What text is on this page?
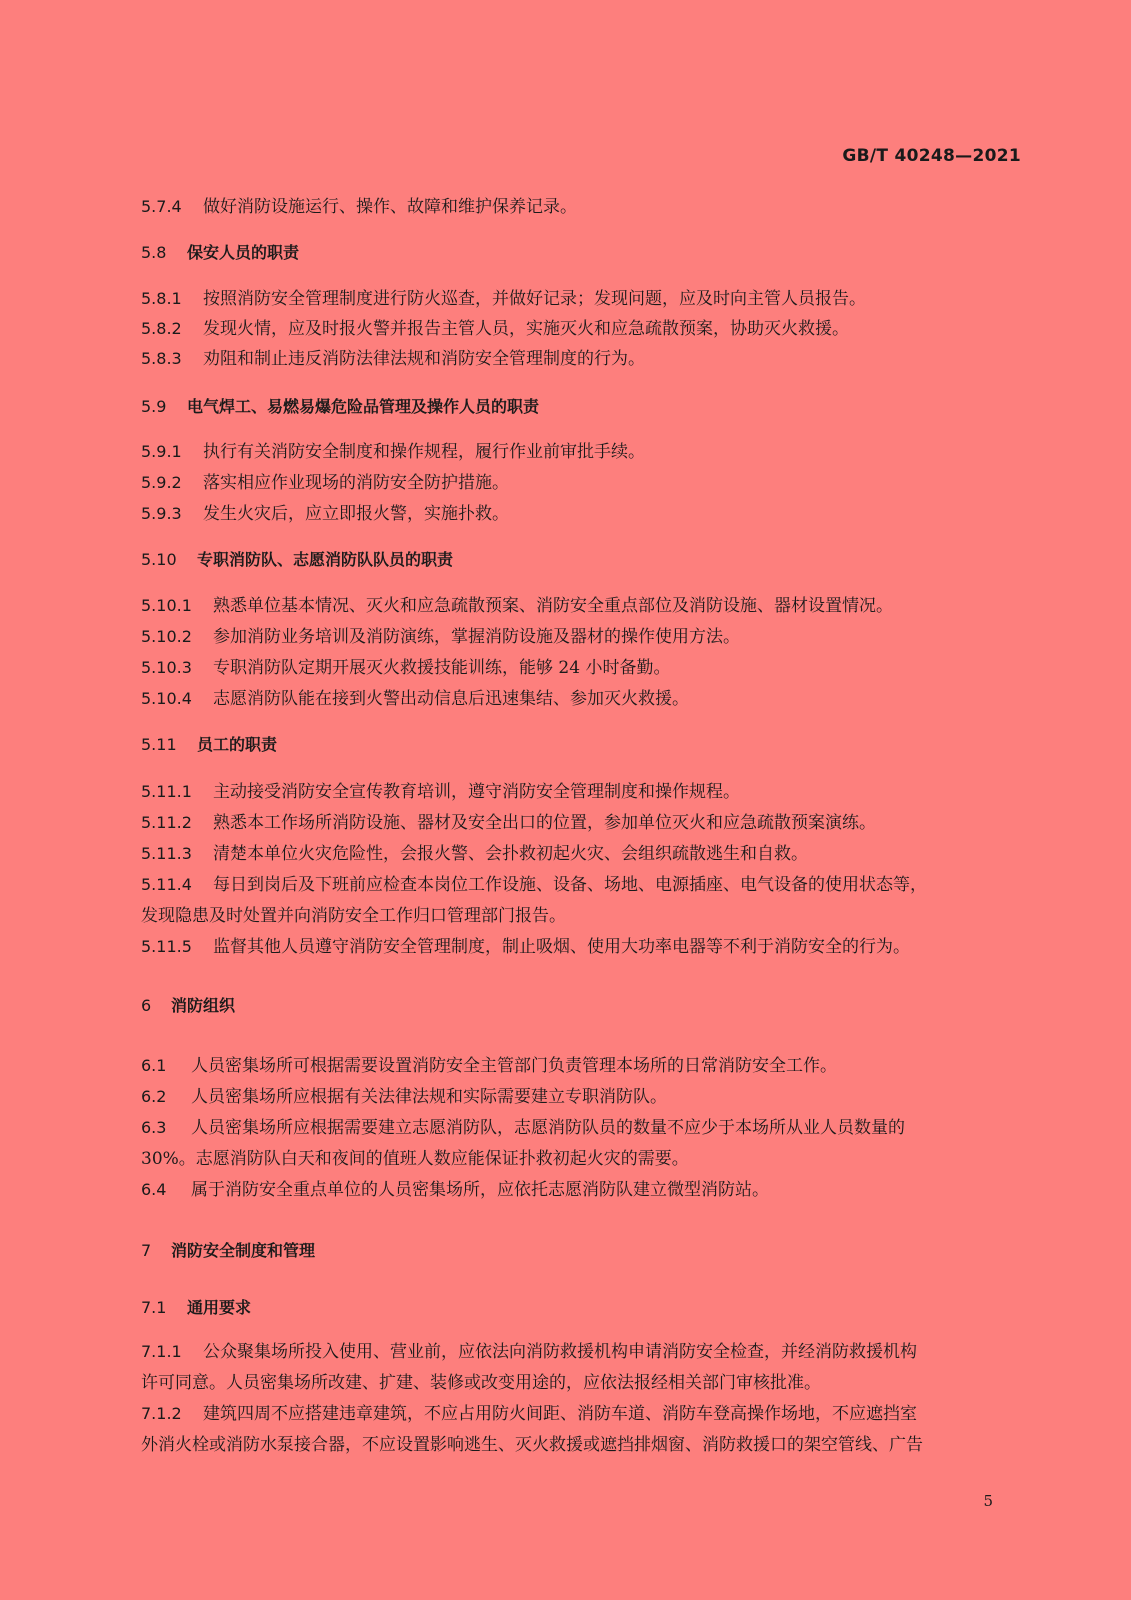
GB/T 40248—2021
5.7.4 做好消防设施运行、操作、故障和维护保养记录。
5.8 保安人员的职责
5.8.1 按照消防安全管理制度进行防火巡查，并做好记录；发现问题，应及时向主管人员报告。
5.8.2 发现火情，应及时报火警并报告主管人员，实施灭火和应急疏散预案，协助灭火救援。
5.8.3 劝阻和制止违反消防法律法规和消防安全管理制度的行为。
5.9 电气焊工、易燃易爆危险品管理及操作人员的职责
5.9.1 执行有关消防安全制度和操作规程，履行作业前审批手续。
5.9.2 落实相应作业现场的消防安全防护措施。
5.9.3 发生火灾后，应立即报火警，实施扑救。
5.10 专职消防队、志愿消防队队员的职责
5.10.1 熟悉单位基本情况、灭火和应急疏散预案、消防安全重点部位及消防设施、器材设置情况。
5.10.2 参加消防业务培训及消防演练，掌握消防设施及器材的操作使用方法。
5.10.3 专职消防队定期开展灭火救援技能训练，能够 24 小时备勤。
5.10.4 志愿消防队能在接到火警出动信息后迅速集结、参加灭火救援。
5.11 员工的职责
5.11.1 主动接受消防安全宣传教育培训，遵守消防安全管理制度和操作规程。
5.11.2 熟悉本工作场所消防设施、器材及安全出口的位置，参加单位灭火和应急疏散预案演练。
5.11.3 清楚本单位火灾危险性，会报火警、会扑救初起火灾、会组织疏散逃生和自救。
5.11.4 每日到岗后及下班前应检查本岗位工作设施、设备、场地、电源插座、电气设备的使用状态等，
发现隐患及时处置并向消防安全工作归口管理部门报告。
5.11.5 监督其他人员遵守消防安全管理制度，制止吸烟、使用大功率电器等不利于消防安全的行为。
6 消防组织
6.1 人员密集场所可根据需要设置消防安全主管部门负责管理本场所的日常消防安全工作。
6.2 人员密集场所应根据有关法律法规和实际需要建立专职消防队。
6.3 人员密集场所应根据需要建立志愿消防队，志愿消防队员的数量不应少于本场所从业人员数量的
30%。志愿消防队白天和夜间的值班人数应能保证扑救初起火灾的需要。
6.4 属于消防安全重点单位的人员密集场所，应依托志愿消防队建立微型消防站。
7 消防安全制度和管理
7.1 通用要求
7.1.1 公众聚集场所投入使用、营业前，应依法向消防救援机构申请消防安全检查，并经消防救援机构
许可同意。人员密集场所改建、扩建、装修或改变用途的，应依法报经相关部门审核批准。
7.1.2 建筑四周不应搭建违章建筑，不应占用防火间距、消防车道、消防车登高操作场地，不应遮挡室
外消火栓或消防水泵接合器，不应设置影响逃生、灭火救援或遮挡排烟窗、消防救援口的架空管线、广告
5
